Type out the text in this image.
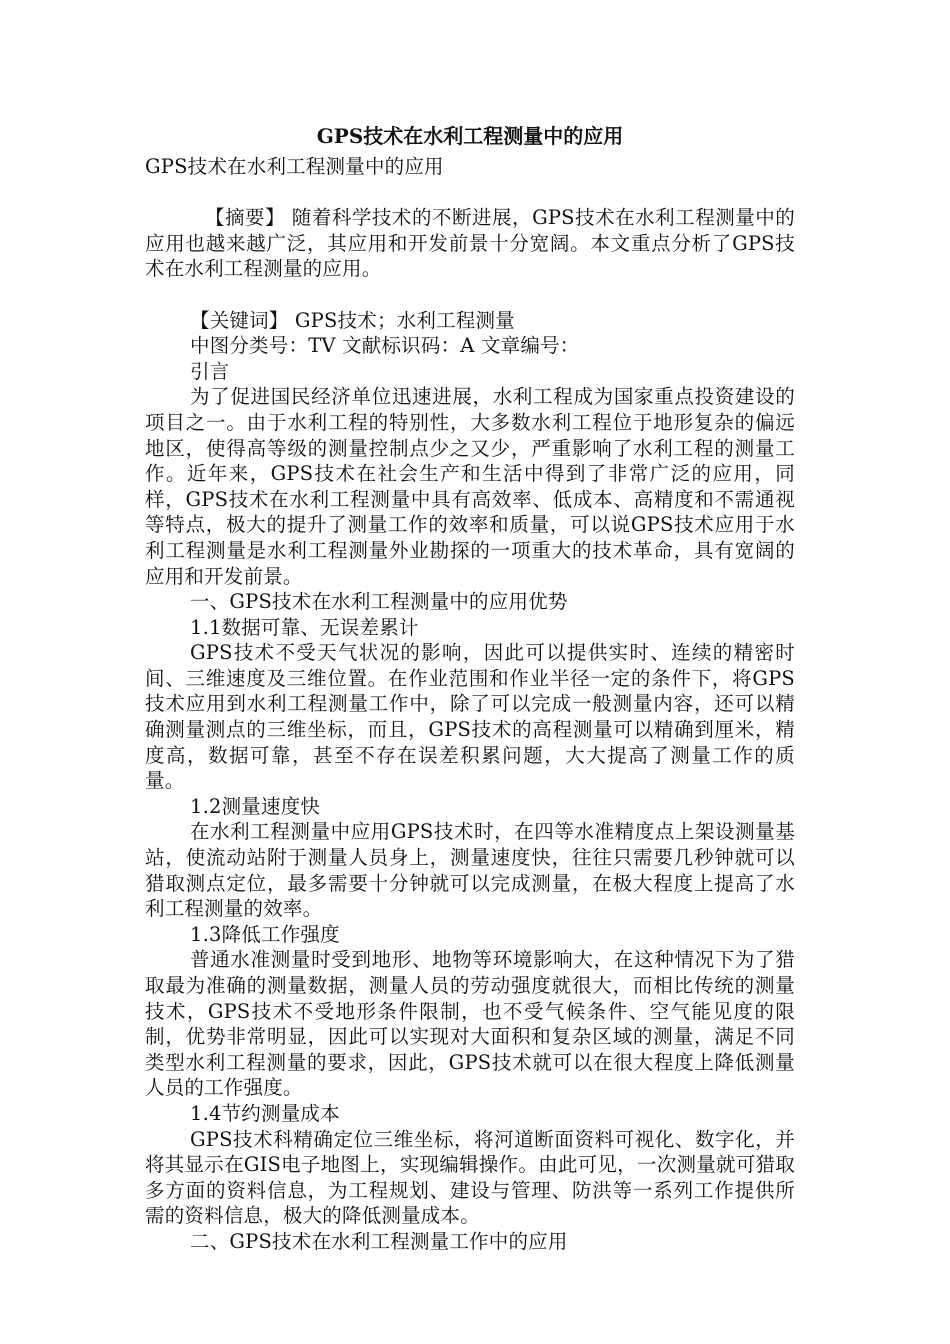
GPS技术在水利工程测量中的应用

GPS技术在水利工程测量中的应用

【摘要】 随着科学技术的不断进展，GPS技术在水利工程测量中的应用也越来越广泛，其应用和开发前景十分宽阔。本文重点分析了GPS技术在水利工程测量的应用。

【关键词】 GPS技术；水利工程测量

中图分类号：TV 文献标识码：A 文章编号：

引言

为了促进国民经济单位迅速进展，水利工程成为国家重点投资建设的项目之一。由于水利工程的特别性，大多数水利工程位于地形复杂的偏远地区，使得高等级的测量控制点少之又少，严重影响了水利工程的测量工作。近年来，GPS技术在社会生产和生活中得到了非常广泛的应用，同样，GPS技术在水利工程测量中具有高效率、低成本、高精度和不需通视等特点，极大的提升了测量工作的效率和质量，可以说GPS技术应用于水利工程测量是水利工程测量外业勘探的一项重大的技术革命，具有宽阔的应用和开发前景。

一、GPS技术在水利工程测量中的应用优势

1.1数据可靠、无误差累计

GPS技术不受天气状况的影响，因此可以提供实时、连续的精密时间、三维速度及三维位置。在作业范围和作业半径一定的条件下，将GPS技术应用到水利工程测量工作中，除了可以完成一般测量内容，还可以精确测量测点的三维坐标，而且，GPS技术的高程测量可以精确到厘米，精度高，数据可靠，甚至不存在误差积累问题，大大提高了测量工作的质量。

1.2测量速度快

在水利工程测量中应用GPS技术时，在四等水准精度点上架设测量基站，使流动站附于测量人员身上，测量速度快，往往只需要几秒钟就可以猎取测点定位，最多需要十分钟就可以完成测量，在极大程度上提高了水利工程测量的效率。

1.3降低工作强度

普通水准测量时受到地形、地物等环境影响大，在这种情况下为了猎取最为准确的测量数据，测量人员的劳动强度就很大，而相比传统的测量技术，GPS技术不受地形条件限制，也不受气候条件、空气能见度的限制，优势非常明显，因此可以实现对大面积和复杂区域的测量，满足不同类型水利工程测量的要求，因此，GPS技术就可以在很大程度上降低测量人员的工作强度。

1.4节约测量成本

GPS技术科精确定位三维坐标，将河道断面资料可视化、数字化，并将其显示在GIS电子地图上，实现编辑操作。由此可见，一次测量就可猎取多方面的资料信息，为工程规划、建设与管理、防洪等一系列工作提供所需的资料信息，极大的降低测量成本。

二、GPS技术在水利工程测量工作中的应用
